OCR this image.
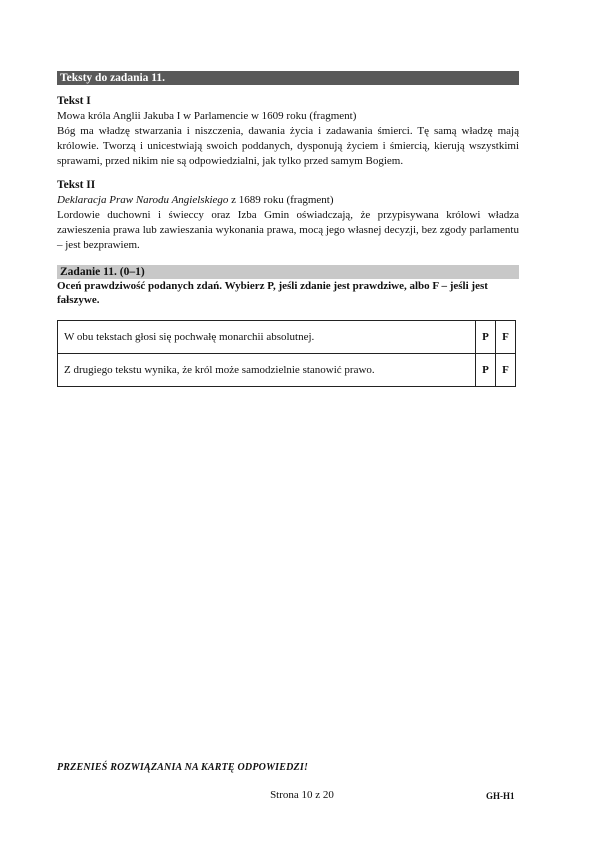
Teksty do zadania 11.

Tekst I

Mowa króla Anglii Jakuba I w Parlamencie w 1609 roku (fragment)

Bóg ma władzę stwarzania i niszczenia, dawania życia i zadawania śmierci. Tę samą władzę mają królowie. Tworzą i unicestwiają swoich poddanych, dysponują życiem i śmiercią, kierują wszystkimi sprawami, przed nikim nie są odpowiedzialni, jak tylko przed samym Bogiem.

Tekst II

Deklaracja Praw Narodu Angielskiego z 1689 roku (fragment)

Lordowie duchowni i świeccy oraz Izba Gmin oświadczają, że przypisywana królowi władza zawieszenia prawa lub zawieszania wykonania prawa, mocą jego własnej decyzji, bez zgody parlamentu – jest bezprawiem.

Zadanie 11. (0–1)
Oceń prawdziwość podanych zdań. Wybierz P, jeśli zdanie jest prawdziwe, albo F – jeśli jest fałszywe.
W obu tekstach głosi się pochwałę monarchii absolutnej.	P	F
Z drugiego tekstu wynika, że król może samodzielnie stanowić prawo.	P	F
PRZENIEŚ ROZWIĄZANIA NA KARTĘ ODPOWIEDZI!
Strona 10 z 20	GH-H1
